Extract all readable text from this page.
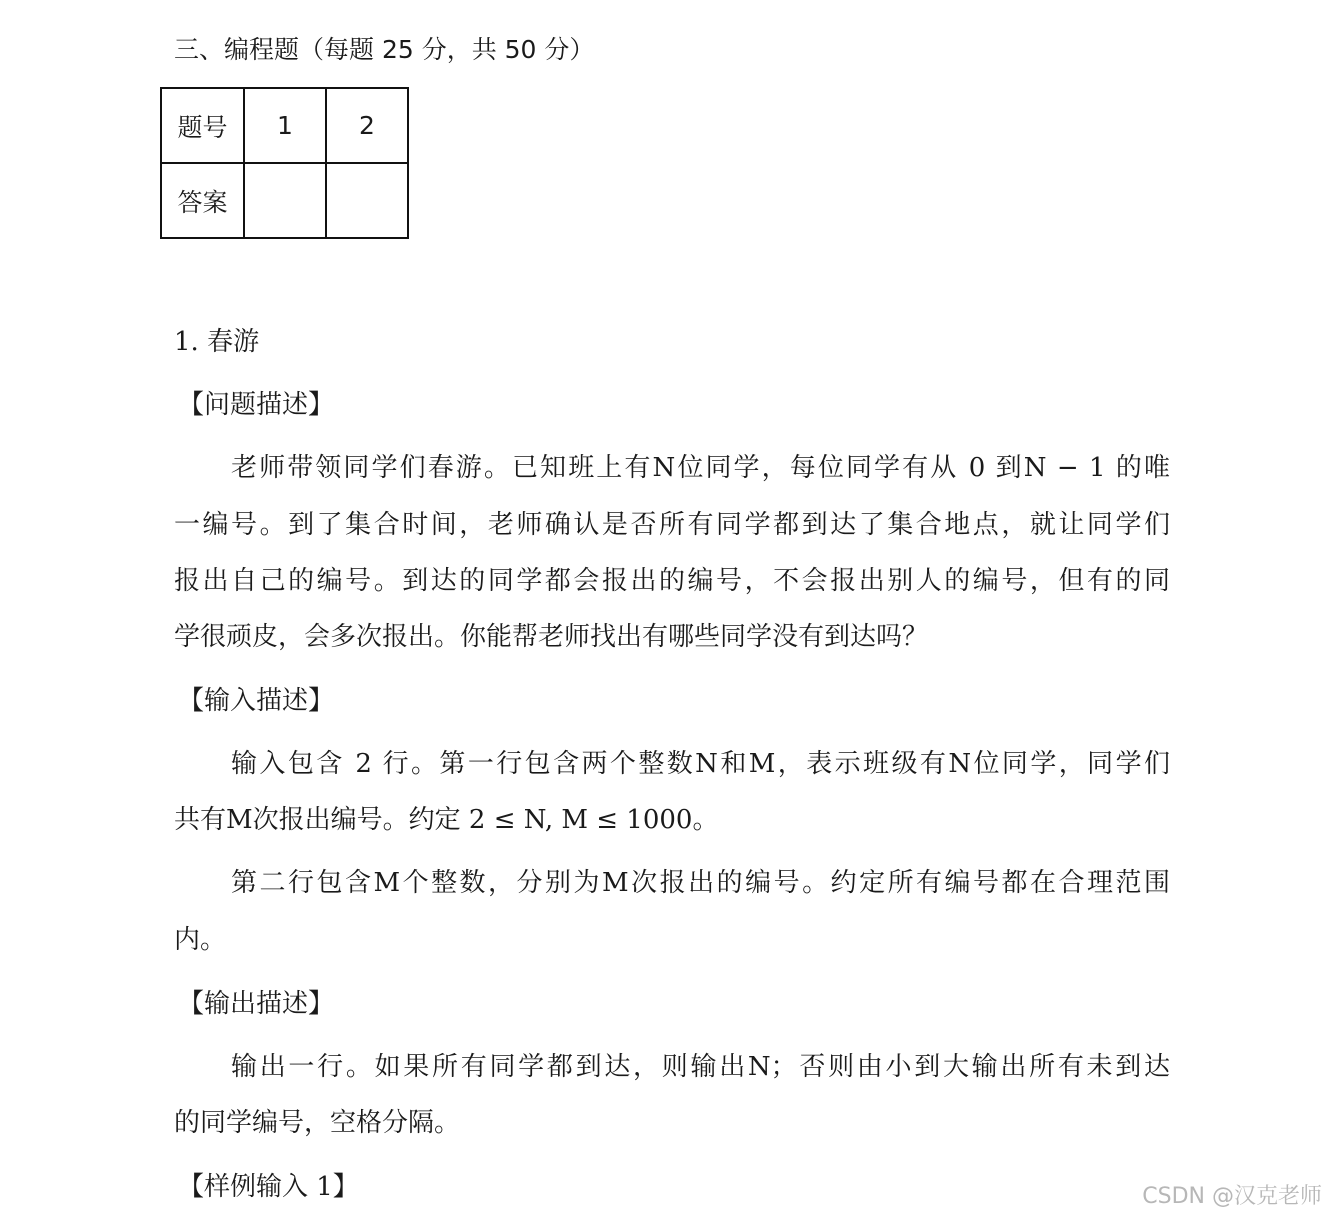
三、编程题（每题 25 分，共 50 分）
题号	1	2
答案		
1. 春游
【问题描述】
老师带领同学们春游。已知班上有N位同学，每位同学有从 0 到N − 1 的唯
一编号。到了集合时间，老师确认是否所有同学都到达了集合地点，就让同学们
报出自己的编号。到达的同学都会报出的编号，不会报出别人的编号，但有的同
学很顽皮，会多次报出。你能帮老师找出有哪些同学没有到达吗？
【输入描述】
输入包含 2 行。第一行包含两个整数N和M，表示班级有N位同学，同学们
共有M次报出编号。约定 2 ≤ N, M ≤ 1000。
第二行包含M个整数，分别为M次报出的编号。约定所有编号都在合理范围
内。
【输出描述】
输出一行。如果所有同学都到达，则输出N；否则由小到大输出所有未到达
的同学编号，空格分隔。
【样例输入 1】	CSDN @汉克老师
